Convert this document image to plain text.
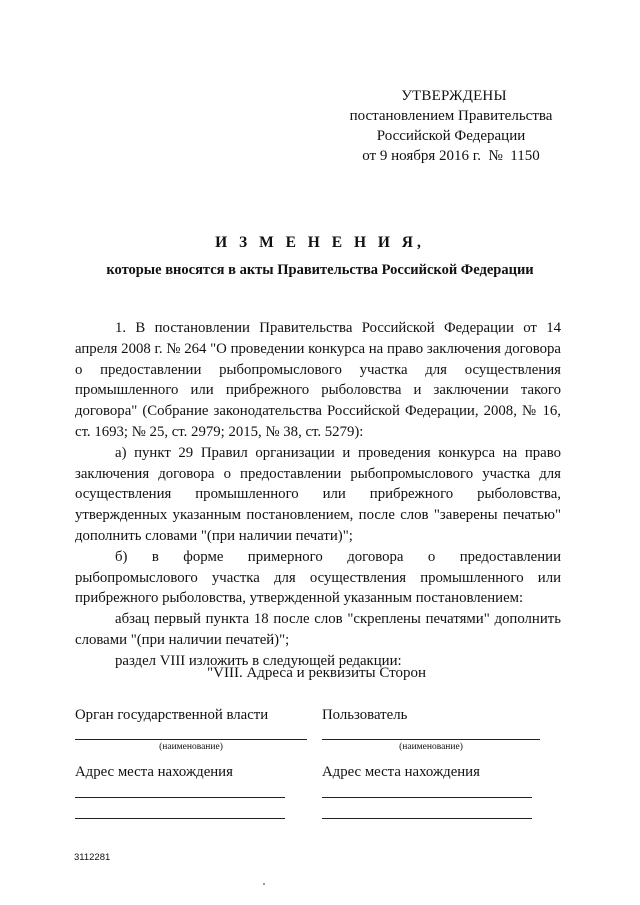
УТВЕРЖДЕНЫ
постановлением Правительства
Российской Федерации
от 9 ноября 2016 г.  №  1150
И З М Е Н Е Н И Я,
которые вносятся в акты Правительства Российской Федерации

1. В постановлении Правительства Российской Федерации от 14 апреля 2008 г. № 264 "О проведении конкурса на право заключения договора о предоставлении рыбопромыслового участка для осуществления промышленного или прибрежного рыболовства и заключении такого договора" (Собрание законодательства Российской Федерации, 2008, № 16, ст. 1693; № 25, ст. 2979; 2015, № 38, ст. 5279):

а) пункт 29 Правил организации и проведения конкурса на право заключения договора о предоставлении рыбопромыслового участка для осуществления промышленного или прибрежного рыболовства, утвержденных указанным постановлением, после слов "заверены печатью" дополнить словами "(при наличии печати)";

б) в форме примерного договора о предоставлении рыбопромыслового участка для осуществления промышленного или прибрежного рыболовства, утвержденной указанным постановлением:

абзац первый пункта 18 после слов "скреплены печатями" дополнить словами "(при наличии печатей)";

раздел VIII изложить в следующей редакции:

"VIII. Адреса и реквизиты Сторон
Орган государственной власти	Пользователь
(наименование)	(наименование)
Адрес места нахождения	Адрес места нахождения
3112281
